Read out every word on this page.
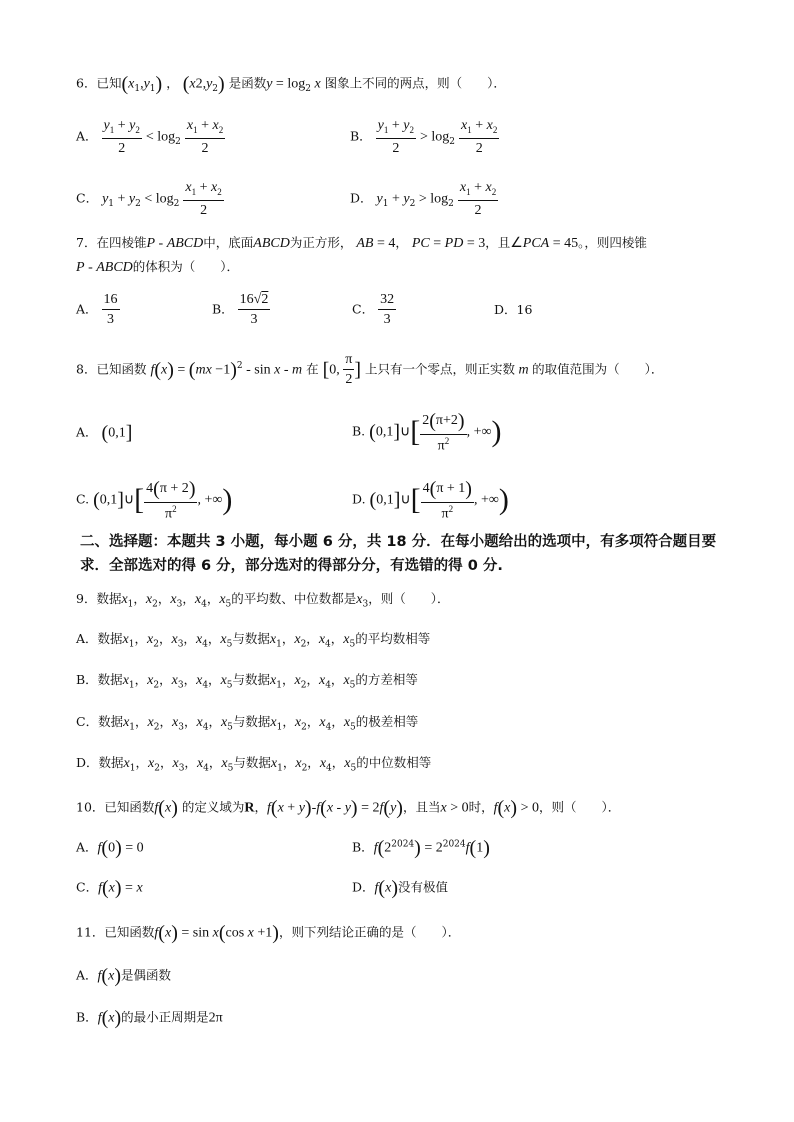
6．已知$(x_1,y_1)$ ， $(x2,y_2)$ 是函数$y = \log_2 x$ 图象上不同的两点，则（　　）．
A． $\frac{y_1 + y_2}{2} < \log_2 \frac{x_1 + x_2}{2}$	B． $\frac{y_1 + y_2}{2} > \log_2 \frac{x_1 + x_2}{2}$
C． $y_1 + y_2 < \log_2 \frac{x_1 + x_2}{2}$	D． $y_1 + y_2 > \log_2 \frac{x_1 + x_2}{2}$
7．在四棱锥P - ABCD中，底面ABCD为正方形， AB = 4， PC = PD = 3，且∠PCA = 45。，则四棱锥
P - ABCD的体积为（　　）．
A． $\frac{16}{3}$	B． $\frac{16√2}{3}$	C． $\frac{32}{3}$	D．16
8．已知函数 f(x) = (mx −1)$^2$ - sin x - m 在 [0, $\frac{\pi}{2}$ ] 上只有一个零点，则正实数 m 的取值范围为（　　）．
A． (0,1]	B. (0,1]∪[ $\frac{2(\pi+2)}{\pi^2}$ , +∞)
C. (0,1]∪[ $\frac{4(\pi + 2)}{\pi^2}$ , +∞)	D. (0,1]∪[ $\frac{4(\pi + 1)}{\pi^2}$ , +∞)
二、选择题：本题共 3 小题，每小题 6 分，共 18 分．在每小题给出的选项中，有多项符合题目要求．全部选对的得 6 分，部分选对的得部分分，有选错的得 0 分.
9．数据$x_1$，$x_2$，$x_3$，$x_4$，$x_5$的平均数、中位数都是$x_3$，则（　　）．
A．数据$x_1$，$x_2$，$x_3$，$x_4$，$x_5$与数据$x_1$，$x_2$，$x_4$，$x_5$的平均数相等
B．数据$x_1$，$x_2$，$x_3$，$x_4$，$x_5$与数据$x_1$，$x_2$，$x_4$，$x_5$的方差相等
C．数据$x_1$，$x_2$，$x_3$，$x_4$，$x_5$与数据$x_1$，$x_2$，$x_4$，$x_5$的极差相等
D．数据$x_1$，$x_2$，$x_3$，$x_4$，$x_5$与数据$x_1$，$x_2$，$x_4$，$x_5$的中位数相等
10．已知函数f(x) 的定义域为R，f(x + y)-f(x - y) = 2f(y)，且当x > 0时，f(x) > 0，则（　　）．
A．f(0) = 0	B．$f(2^{2024}) = 2^{2024}f(1)$
C．f(x) = x	D．f(x)没有极值
11．已知函数f(x) = sin x(cos x +1)，则下列结论正确的是（　　）．
A．f(x)是偶函数
B．f(x)的最小正周期是2π
